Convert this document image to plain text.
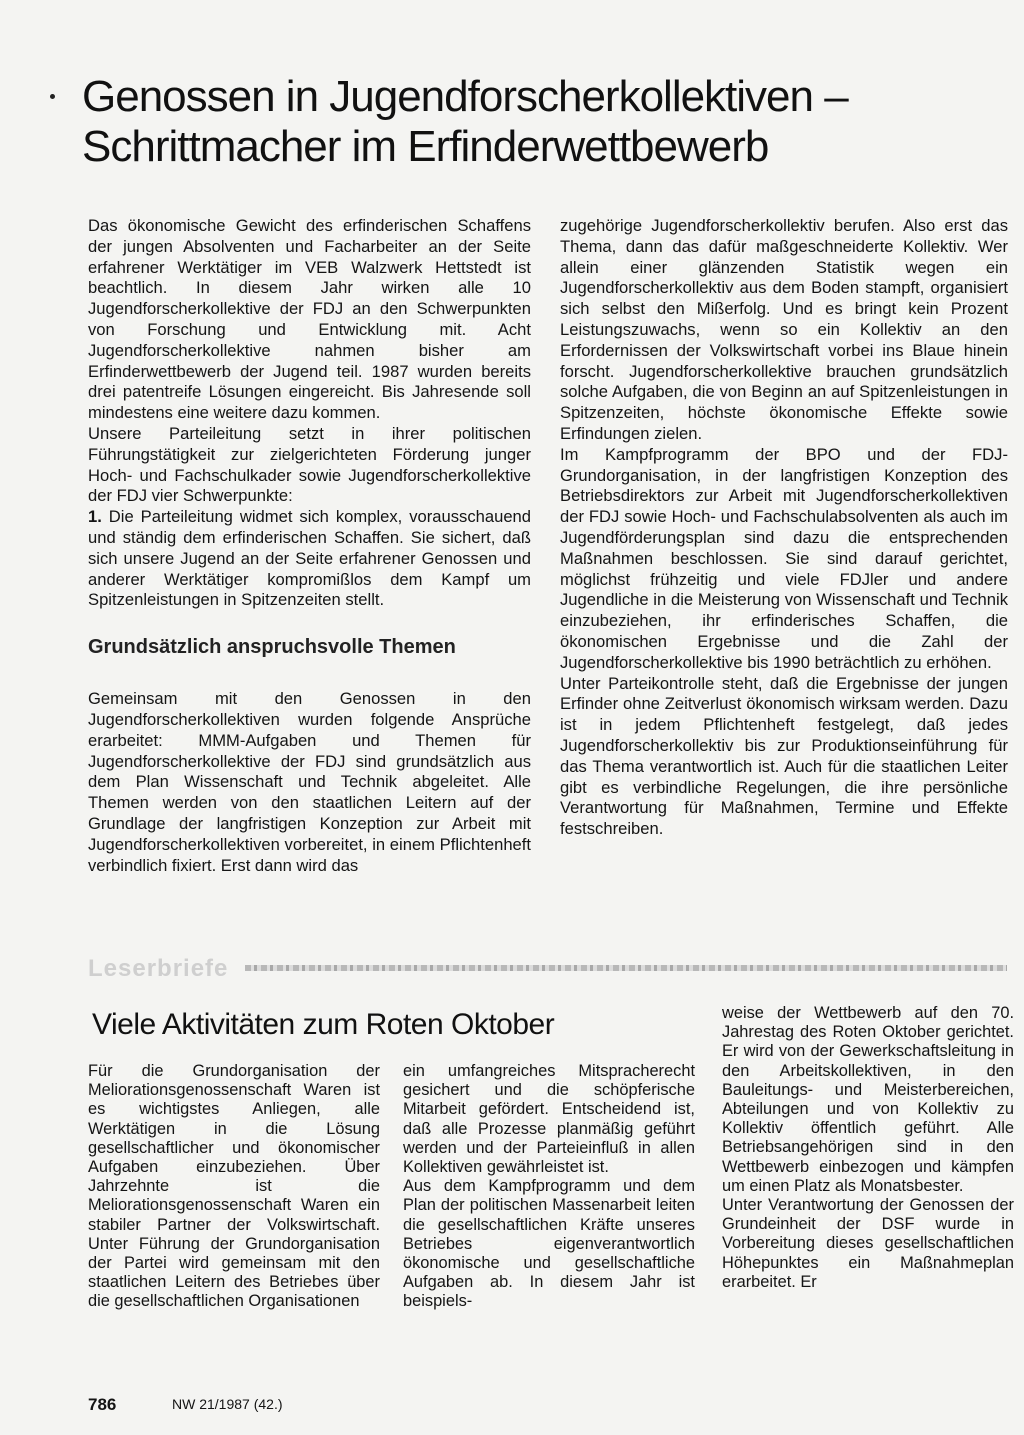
Genossen in Jugendforscherkollektiven –
Schrittmacher im Erfinderwettbewerb

Das ökonomische Gewicht des erfinderischen Schaffens der jungen Absolventen und Facharbeiter an der Seite erfahrener Werktätiger im VEB Walzwerk Hettstedt ist beachtlich. In diesem Jahr wirken alle 10 Jugendforscherkollektive der FDJ an den Schwerpunkten von Forschung und Entwicklung mit. Acht Jugendforscherkollektive nahmen bisher am Erfinderwettbewerb der Jugend teil. 1987 wurden bereits drei patentreife Lösungen eingereicht. Bis Jahresende soll mindestens eine weitere dazu kommen.

Unsere Parteileitung setzt in ihrer politischen Führungstätigkeit zur zielgerichteten Förderung junger Hoch- und Fachschulkader sowie Jugendforscherkollektive der FDJ vier Schwerpunkte:

1. Die Parteileitung widmet sich komplex, vorausschauend und ständig dem erfinderischen Schaffen. Sie sichert, daß sich unsere Jugend an der Seite erfahrener Genossen und anderer Werktätiger kompromißlos dem Kampf um Spitzenleistungen in Spitzenzeiten stellt.

Grundsätzlich anspruchsvolle Themen

Gemeinsam mit den Genossen in den Jugendforscherkollektiven wurden folgende Ansprüche erarbeitet: MMM-Aufgaben und Themen für Jugendforscherkollektive der FDJ sind grundsätzlich aus dem Plan Wissenschaft und Technik abgeleitet. Alle Themen werden von den staatlichen Leitern auf der Grundlage der langfristigen Konzeption zur Arbeit mit Jugendforscherkollektiven vorbereitet, in einem Pflichtenheft verbindlich fixiert. Erst dann wird das

zugehörige Jugendforscherkollektiv berufen. Also erst das Thema, dann das dafür maßgeschneiderte Kollektiv. Wer allein einer glänzenden Statistik wegen ein Jugendforscherkollektiv aus dem Boden stampft, organisiert sich selbst den Mißerfolg. Und es bringt kein Prozent Leistungszuwachs, wenn so ein Kollektiv an den Erfordernissen der Volkswirtschaft vorbei ins Blaue hinein forscht. Jugendforscherkollektive brauchen grundsätzlich solche Aufgaben, die von Beginn an auf Spitzenleistungen in Spitzenzeiten, höchste ökonomische Effekte sowie Erfindungen zielen.

Im Kampfprogramm der BPO und der FDJ-Grundorganisation, in der langfristigen Konzeption des Betriebsdirektors zur Arbeit mit Jugendforscherkollektiven der FDJ sowie Hoch- und Fachschulabsolventen als auch im Jugendförderungsplan sind dazu die entsprechenden Maßnahmen beschlossen. Sie sind darauf gerichtet, möglichst frühzeitig und viele FDJler und andere Jugendliche in die Meisterung von Wissenschaft und Technik einzubeziehen, ihr erfinderisches Schaffen, die ökonomischen Ergebnisse und die Zahl der Jugendforscherkollektive bis 1990 beträchtlich zu erhöhen.

Unter Parteikontrolle steht, daß die Ergebnisse der jungen Erfinder ohne Zeitverlust ökonomisch wirksam werden. Dazu ist in jedem Pflichtenheft festgelegt, daß jedes Jugendforscherkollektiv bis zur Produktionseinführung für das Thema verantwortlich ist. Auch für die staatlichen Leiter gibt es verbindliche Regelungen, die ihre persönliche Verantwortung für Maßnahmen, Termine und Effekte festschreiben.

Leserbriefe
Viele Aktivitäten zum Roten Oktober

Für die Grundorganisation der Meliorationsgenossenschaft Waren ist es wichtigstes Anliegen, alle Werktätigen in die Lösung gesellschaftlicher und ökonomischer Aufgaben einzubeziehen. Über Jahrzehnte ist die Meliorationsgenossenschaft Waren ein stabiler Partner der Volkswirtschaft. Unter Führung der Grundorganisation der Partei wird gemeinsam mit den staatlichen Leitern des Betriebes über die gesellschaftlichen Organisationen

ein umfangreiches Mitspracherecht gesichert und die schöpferische Mitarbeit gefördert. Entscheidend ist, daß alle Prozesse planmäßig geführt werden und der Parteieinfluß in allen Kollektiven gewährleistet ist.

Aus dem Kampfprogramm und dem Plan der politischen Massenarbeit leiten die gesellschaftlichen Kräfte unseres Betriebes eigenverantwortlich ökonomische und gesellschaftliche Aufgaben ab. In diesem Jahr ist beispiels-

weise der Wettbewerb auf den 70. Jahrestag des Roten Oktober gerichtet. Er wird von der Gewerkschaftsleitung in den Arbeitskollektiven, in den Bauleitungs- und Meisterbereichen, Abteilungen und von Kollektiv zu Kollektiv öffentlich geführt. Alle Betriebsangehörigen sind in den Wettbewerb einbezogen und kämpfen um einen Platz als Monatsbester.

Unter Verantwortung der Genossen der Grundeinheit der DSF wurde in Vorbereitung dieses gesellschaftlichen Höhepunktes ein Maßnahmeplan erarbeitet. Er

786	NW 21/1987 (42.)
